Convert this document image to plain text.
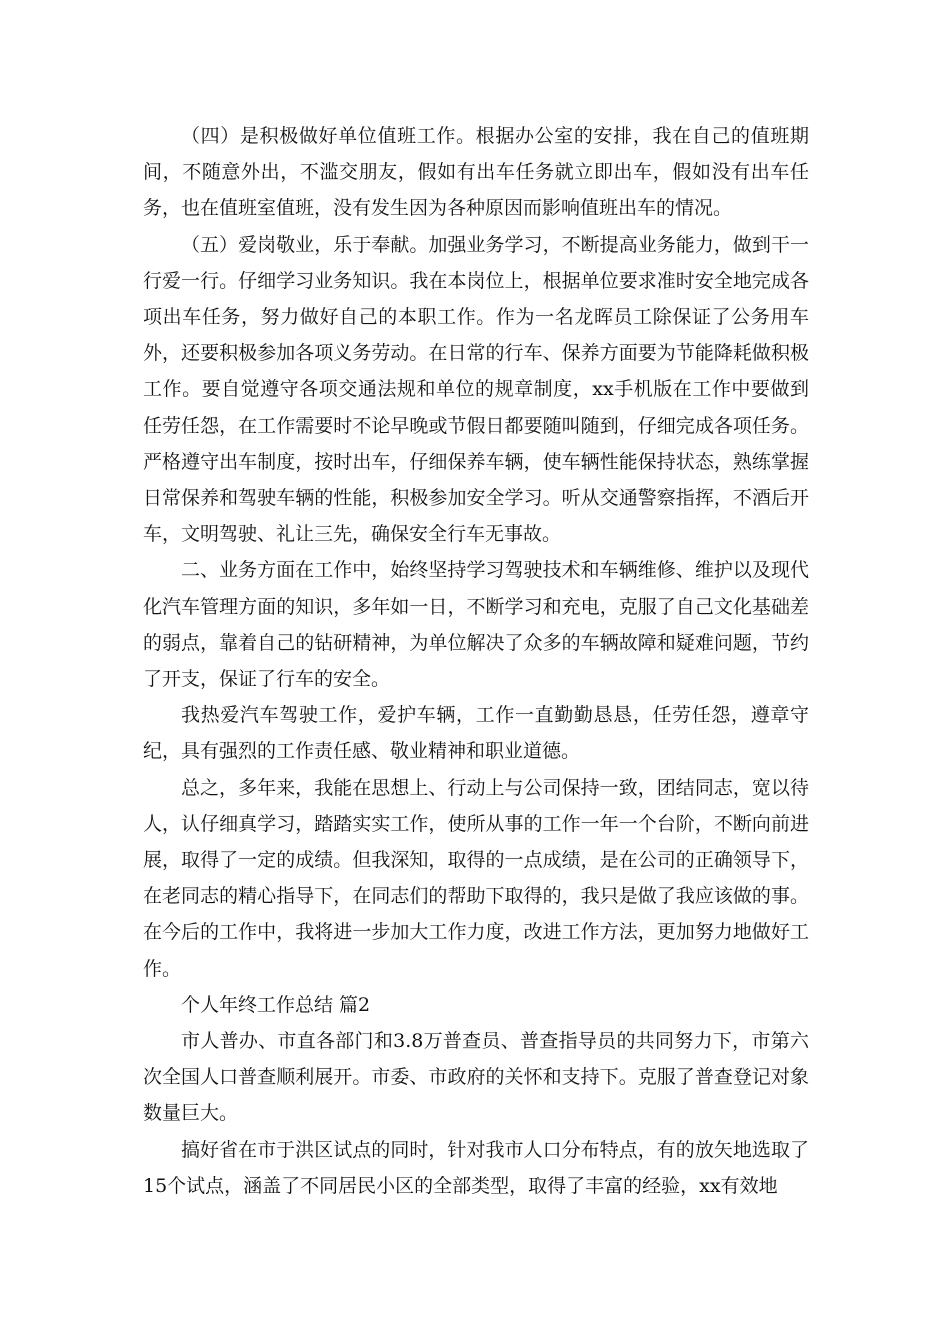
（四）是积极做好单位值班工作。根据办公室的安排，我在自己的值班期间，不随意外出，不滥交朋友，假如有出车任务就立即出车，假如没有出车任务，也在值班室值班，没有发生因为各种原因而影响值班出车的情况。

（五）爱岗敬业，乐于奉献。加强业务学习，不断提高业务能力，做到干一行爱一行。仔细学习业务知识。我在本岗位上，根据单位要求准时安全地完成各项出车任务，努力做好自己的本职工作。作为一名龙晖员工除保证了公务用车外，还要积极参加各项义务劳动。在日常的行车、保养方面要为节能降耗做积极工作。要自觉遵守各项交通法规和单位的规章制度，xx手机版在工作中要做到任劳任怨，在工作需要时不论早晚或节假日都要随叫随到，仔细完成各项任务。严格遵守出车制度，按时出车，仔细保养车辆，使车辆性能保持状态，熟练掌握日常保养和驾驶车辆的性能，积极参加安全学习。听从交通警察指挥，不酒后开车，文明驾驶、礼让三先，确保安全行车无事故。

二、业务方面在工作中，始终坚持学习驾驶技术和车辆维修、维护以及现代化汽车管理方面的知识，多年如一日，不断学习和充电，克服了自己文化基础差的弱点，靠着自己的钻研精神，为单位解决了众多的车辆故障和疑难问题，节约了开支，保证了行车的安全。

我热爱汽车驾驶工作，爱护车辆，工作一直勤勤恳恳，任劳任怨，遵章守纪，具有强烈的工作责任感、敬业精神和职业道德。

总之，多年来，我能在思想上、行动上与公司保持一致，团结同志，宽以待人，认仔细真学习，踏踏实实工作，使所从事的工作一年一个台阶，不断向前进展，取得了一定的成绩。但我深知，取得的一点成绩，是在公司的正确领导下，在老同志的精心指导下，在同志们的帮助下取得的，我只是做了我应该做的事。在今后的工作中，我将进一步加大工作力度，改进工作方法，更加努力地做好工作。

个人年终工作总结 篇2

市人普办、市直各部门和3.8万普查员、普查指导员的共同努力下，市第六次全国人口普查顺利展开。市委、市政府的关怀和支持下。克服了普查登记对象数量巨大。

搞好省在市于洪区试点的同时，针对我市人口分布特点，有的放矢地选取了15个试点，涵盖了不同居民小区的全部类型，取得了丰富的经验，xx有效地
